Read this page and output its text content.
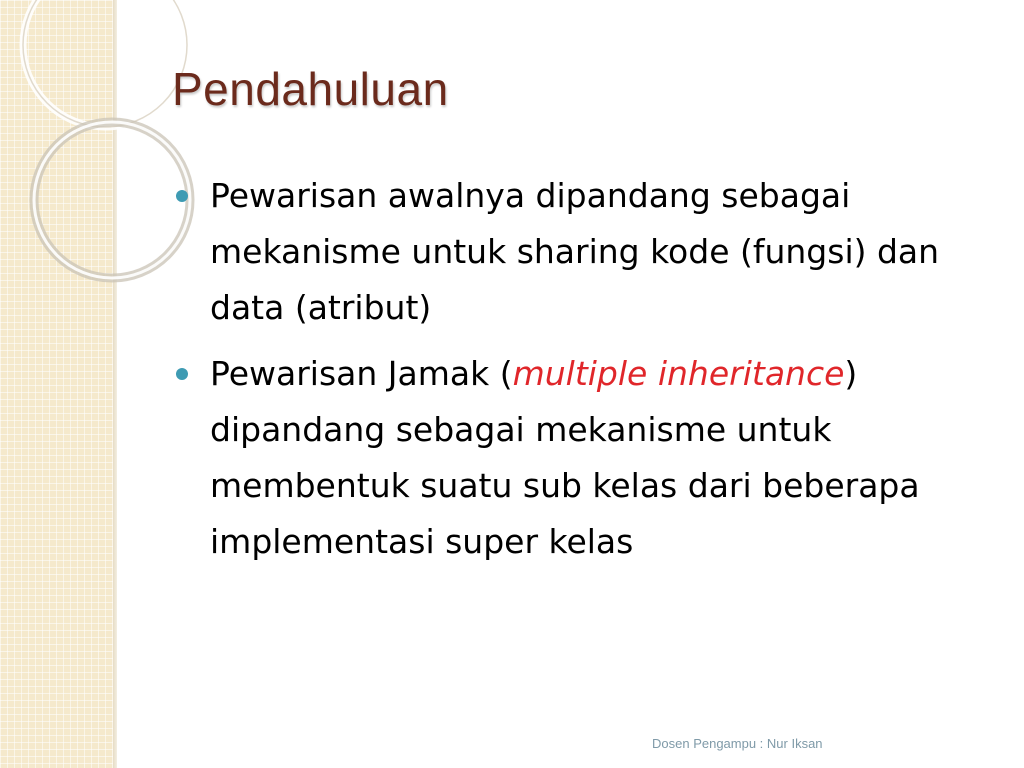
Pendahuluan
Pewarisan awalnya dipandang sebagai mekanisme untuk sharing kode (fungsi) dan data (atribut)
Pewarisan Jamak (multiple inheritance) dipandang sebagai mekanisme untuk membentuk suatu sub kelas dari beberapa implementasi super kelas
Dosen Pengampu : Nur Iksan
